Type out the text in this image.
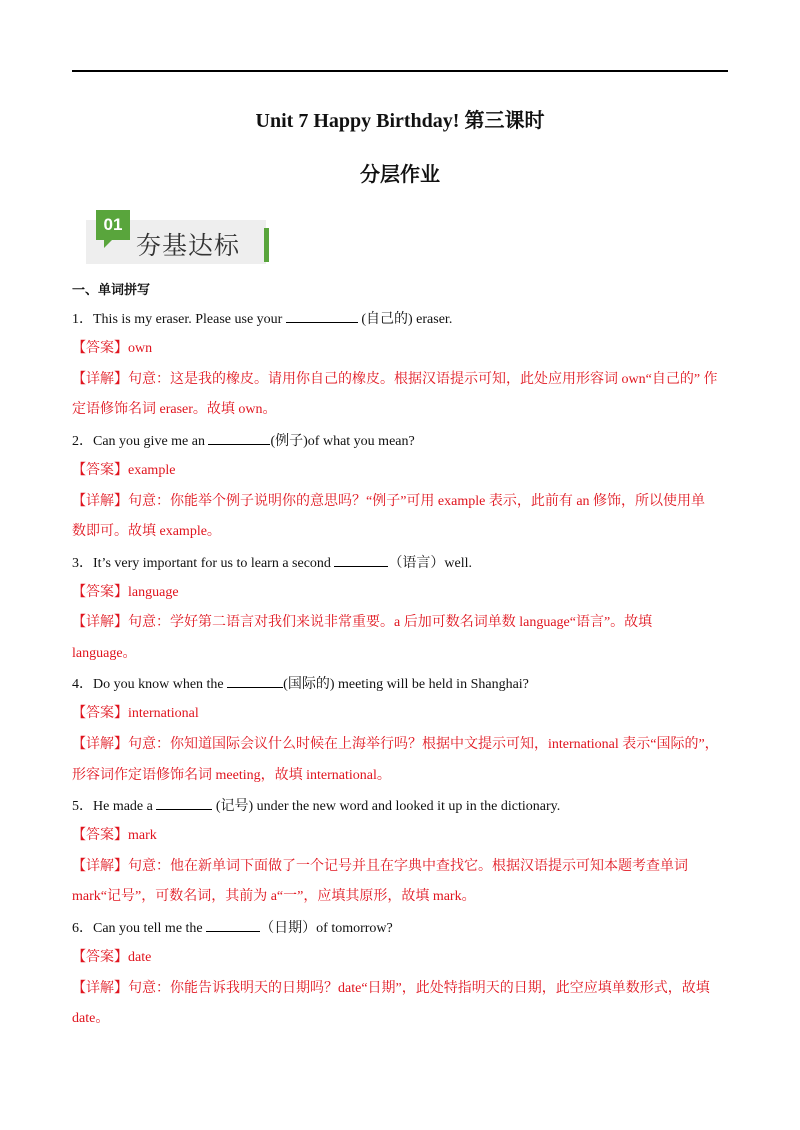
Unit 7 Happy Birthday! 第三课时
分层作业
01
夯基达标
一、单词拼写
1．This is my eraser. Please use your	(自己的) eraser.
【答案】own
【详解】句意：这是我的橡皮。请用你自己的橡皮。根据汉语提示可知，此处应用形容词 own“自己的” 作
定语修饰名词 eraser。故填 own。
2．Can you give me an	(例子)of what you mean?
【答案】example
【详解】句意：你能举个例子说明你的意思吗？“例子”可用 example 表示，此前有 an 修饰，所以使用单
数即可。故填 example。
3．It’s very important for us to learn a second	（语言）well.
【答案】language
【详解】句意：学好第二语言对我们来说非常重要。a 后加可数名词单数 language“语言”。故填
language。
4．Do you know when the	(国际的) meeting will be held in Shanghai?
【答案】international
【详解】句意：你知道国际会议什么时候在上海举行吗？根据中文提示可知，international 表示“国际的”，
形容词作定语修饰名词 meeting，故填 international。
5．He made a	(记号) under the new word and looked it up in the dictionary.
【答案】mark
【详解】句意：他在新单词下面做了一个记号并且在字典中查找它。根据汉语提示可知本题考查单词
mark“记号”，可数名词，其前为 a“一”，应填其原形，故填 mark。
6．Can you tell me the	（日期）of tomorrow?
【答案】date
【详解】句意：你能告诉我明天的日期吗？date“日期”，此处特指明天的日期，此空应填单数形式，故填
date。
